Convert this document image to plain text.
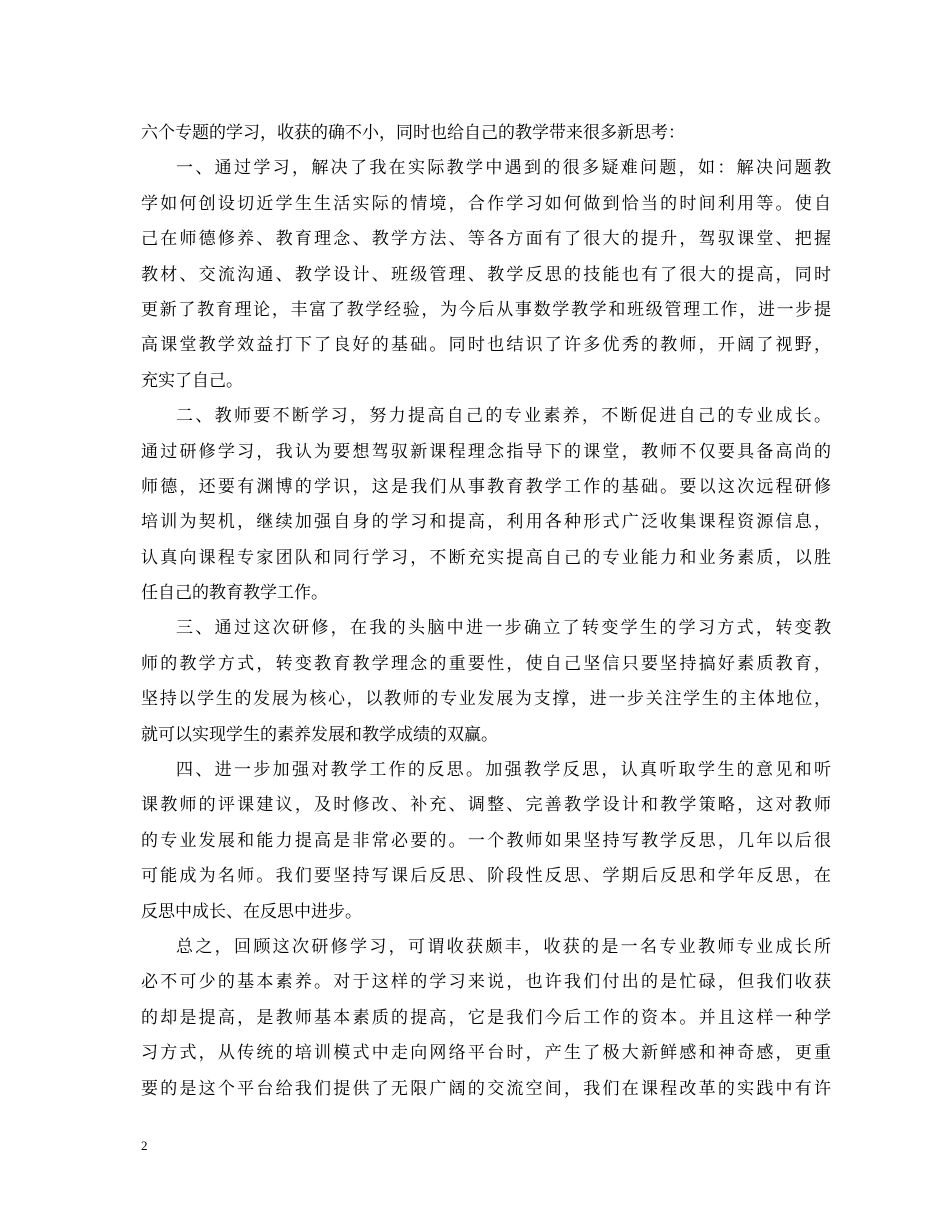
六个专题的学习，收获的确不小，同时也给自己的教学带来很多新思考：
一、通过学习，解决了我在实际教学中遇到的很多疑难问题，如：解决问题教
学如何创设切近学生生活实际的情境，合作学习如何做到恰当的时间利用等。使自
己在师德修养、教育理念、教学方法、等各方面有了很大的提升，驾驭课堂、把握
教材、交流沟通、教学设计、班级管理、教学反思的技能也有了很大的提高，同时
更新了教育理论，丰富了教学经验，为今后从事数学教学和班级管理工作，进一步提
高课堂教学效益打下了良好的基础。同时也结识了许多优秀的教师，开阔了视野，
充实了自己。
二、教师要不断学习，努力提高自己的专业素养，不断促进自己的专业成长。
通过研修学习，我认为要想驾驭新课程理念指导下的课堂，教师不仅要具备高尚的
师德，还要有渊博的学识，这是我们从事教育教学工作的基础。要以这次远程研修
培训为契机，继续加强自身的学习和提高，利用各种形式广泛收集课程资源信息，
认真向课程专家团队和同行学习，不断充实提高自己的专业能力和业务素质，以胜
任自己的教育教学工作。
三、通过这次研修，在我的头脑中进一步确立了转变学生的学习方式，转变教
师的教学方式，转变教育教学理念的重要性，使自己坚信只要坚持搞好素质教育，
坚持以学生的发展为核心，以教师的专业发展为支撑，进一步关注学生的主体地位，
就可以实现学生的素养发展和教学成绩的双赢。
四、进一步加强对教学工作的反思。加强教学反思，认真听取学生的意见和听
课教师的评课建议，及时修改、补充、调整、完善教学设计和教学策略，这对教师
的专业发展和能力提高是非常必要的。一个教师如果坚持写教学反思，几年以后很
可能成为名师。我们要坚持写课后反思、阶段性反思、学期后反思和学年反思，在
反思中成长、在反思中进步。
总之，回顾这次研修学习，可谓收获颇丰，收获的是一名专业教师专业成长所
必不可少的基本素养。对于这样的学习来说，也许我们付出的是忙碌，但我们收获
的却是提高，是教师基本素质的提高，它是我们今后工作的资本。并且这样一种学
习方式，从传统的培训模式中走向网络平台时，产生了极大新鲜感和神奇感，更重
要的是这个平台给我们提供了无限广阔的交流空间，我们在课程改革的实践中有许
2
